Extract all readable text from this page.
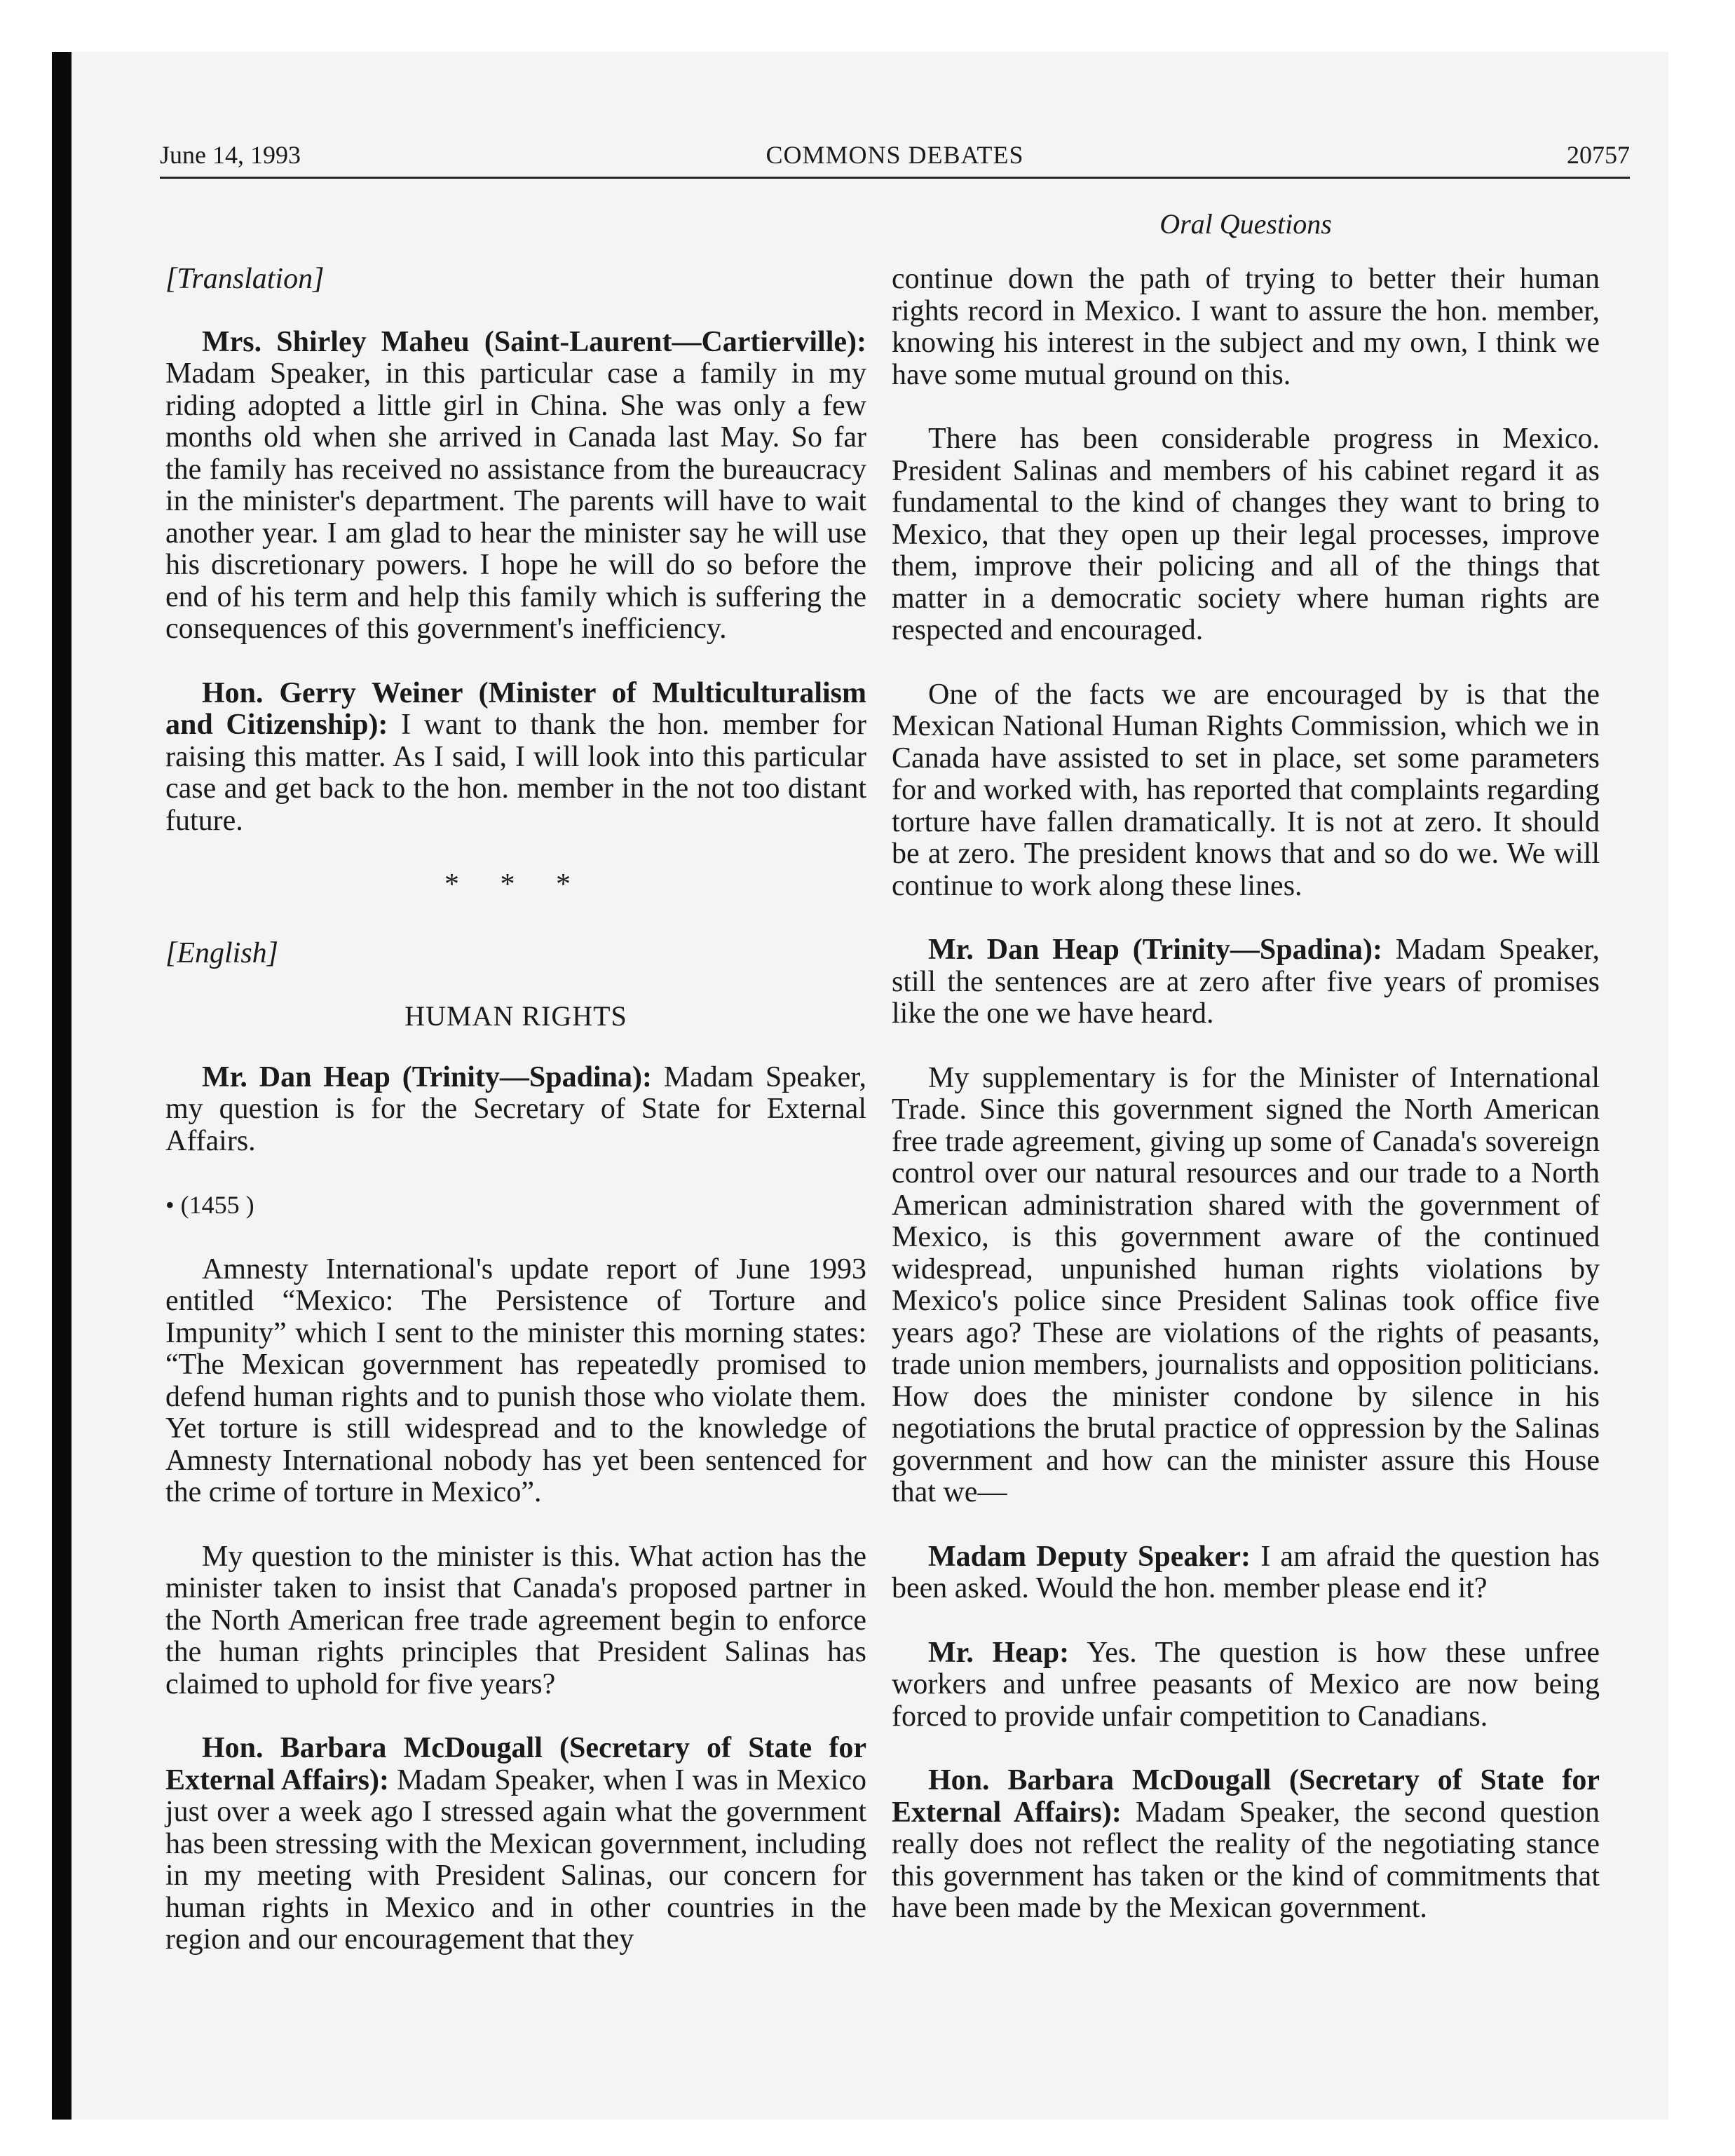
June 14, 1993	COMMONS DEBATES	20757
Oral Questions

[Translation]

Mrs. Shirley Maheu (Saint-Laurent—Cartierville): Madam Speaker, in this particular case a family in my riding adopted a little girl in China. She was only a few months old when she arrived in Canada last May. So far the family has received no assistance from the bureaucracy in the minister's department. The parents will have to wait another year. I am glad to hear the minister say he will use his discretionary powers. I hope he will do so before the end of his term and help this family which is suffering the consequences of this government's inefficiency.

Hon. Gerry Weiner (Minister of Multiculturalism and Citizenship): I want to thank the hon. member for raising this matter. As I said, I will look into this particular case and get back to the hon. member in the not too distant future.

* * *

[English]

HUMAN RIGHTS

Mr. Dan Heap (Trinity—Spadina): Madam Speaker, my question is for the Secretary of State for External Affairs.

• (1455 )

Amnesty International's update report of June 1993 entitled “Mexico: The Persistence of Torture and Impunity” which I sent to the minister this morning states: “The Mexican government has repeatedly promised to defend human rights and to punish those who violate them. Yet torture is still widespread and to the knowledge of Amnesty International nobody has yet been sentenced for the crime of torture in Mexico”.

My question to the minister is this. What action has the minister taken to insist that Canada's proposed partner in the North American free trade agreement begin to enforce the human rights principles that President Salinas has claimed to uphold for five years?

Hon. Barbara McDougall (Secretary of State for External Affairs): Madam Speaker, when I was in Mexico just over a week ago I stressed again what the government has been stressing with the Mexican government, including in my meeting with President Salinas, our concern for human rights in Mexico and in other countries in the region and our encouragement that they

continue down the path of trying to better their human rights record in Mexico. I want to assure the hon. member, knowing his interest in the subject and my own, I think we have some mutual ground on this.

There has been considerable progress in Mexico. President Salinas and members of his cabinet regard it as fundamental to the kind of changes they want to bring to Mexico, that they open up their legal processes, improve them, improve their policing and all of the things that matter in a democratic society where human rights are respected and encouraged.

One of the facts we are encouraged by is that the Mexican National Human Rights Commission, which we in Canada have assisted to set in place, set some parameters for and worked with, has reported that complaints regarding torture have fallen dramatically. It is not at zero. It should be at zero. The president knows that and so do we. We will continue to work along these lines.

Mr. Dan Heap (Trinity—Spadina): Madam Speaker, still the sentences are at zero after five years of promises like the one we have heard.

My supplementary is for the Minister of International Trade. Since this government signed the North American free trade agreement, giving up some of Canada's sovereign control over our natural resources and our trade to a North American administration shared with the government of Mexico, is this government aware of the continued widespread, unpunished human rights violations by Mexico's police since President Salinas took office five years ago? These are violations of the rights of peasants, trade union members, journalists and opposition politicians. How does the minister condone by silence in his negotiations the brutal practice of oppression by the Salinas government and how can the minister assure this House that we—

Madam Deputy Speaker: I am afraid the question has been asked. Would the hon. member please end it?

Mr. Heap: Yes. The question is how these unfree workers and unfree peasants of Mexico are now being forced to provide unfair competition to Canadians.

Hon. Barbara McDougall (Secretary of State for External Affairs): Madam Speaker, the second question really does not reflect the reality of the negotiating stance this government has taken or the kind of commitments that have been made by the Mexican government.
